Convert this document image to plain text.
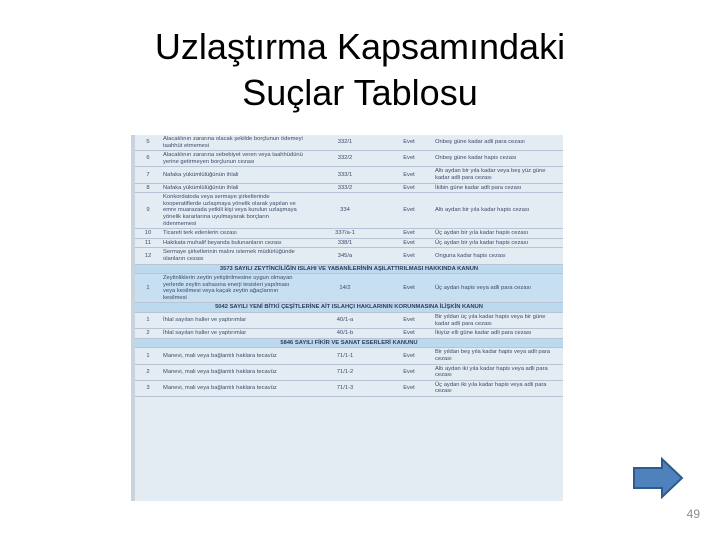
Uzlaştırma Kapsamındaki
Suçlar Tablosu
5	Alacaklının zararına olacak şekilde borçlunun ödemeyi taahhüt etmemesi	332/1	Evet	Onbeş güne kadar adli para cezası
6	Alacaklının zararına sebebiyet veren veya taahhüdünü yerine getirmeyen borçlunun cezası	332/2	Evet	Onbeş güne kadar hapis cezası
7	Nafaka yükümlülüğünün ihlali	333/1	Evet	Altı aydan bir yıla kadar veya beş yüz güne kadar adli para cezası
8	Nafaka yükümlülüğünün ihlali	333/2	Evet	İkibin güne kadar adli para cezası
9	Konkordatoda veya sermaye şirketlerinde kooperatiflerde uzlaşmaya yönelik olarak yapılan ve emre muarazada yetkili kişi veya kurulun uzlaşmaya yönelik kararlarına uyulmayarak borçların ödenmemesi	334	Evet	Altı aydan bir yıla kadar hapis cezası
10	Ticareti terk edenlerin cezası	337/a-1	Evet	Üç aydan bir yıla kadar hapis cezası
11	Hakikata muhalif beyanda bulunanların cezası	338/1	Evet	Üç aydan bir yıla kadar hapis cezası
12	Sermaye şirketlerinin malını istemek müdürlüğünde olanların cezası	345/a	Evet	Onguna kadar hapis cezası
3573 SAYILI ZEYTİNCİLİĞİN ISLAHI VE YABANİLERİNİN AŞILATTIRILMASI HAKKINDA KANUN				
1	Zeytinliklerin zeytin yetiştirilmesine uygun olmayan yerlerde zeytin sahasına enerji tesisleri yapılması veya kesilmesi veya kaçak zeytin ağaçlarının kesilmesi	14/2	Evet	Üç aydan hapis veya adli para cezası
5042 SAYILI YENİ BİTKİ ÇEŞİTLERİNE AİT ISLAHÇI HAKLARININ KORUNMASINA İLİŞKİN KANUN				
1	İhlal sayılan haller ve yaptırımlar	40/1-a	Evet	Bir yıldan üç yıla kadar hapis veya bir güne kadar adli para cezası
2	İhlal sayılan haller ve yaptırımlar	40/1-b	Evet	İkiyüz elli güne kadar adli para cezası
5846 SAYILI FİKİR VE SANAT ESERLERİ KANUNU				
1	Manevi, mali veya bağlantılı haklara tecavüz	71/1-1	Evet	Bir yıldan beş yıla kadar hapis veya adli para cezası
2	Manevi, mali veya bağlantılı haklara tecavüz	71/1-2	Evet	Altı aydan iki yıla kadar hapis veya adli para cezası
3	Manevi, mali veya bağlantılı haklara tecavüz	71/1-3	Evet	Üç aydan iki yıla kadar hapis veya adli para cezası
49
